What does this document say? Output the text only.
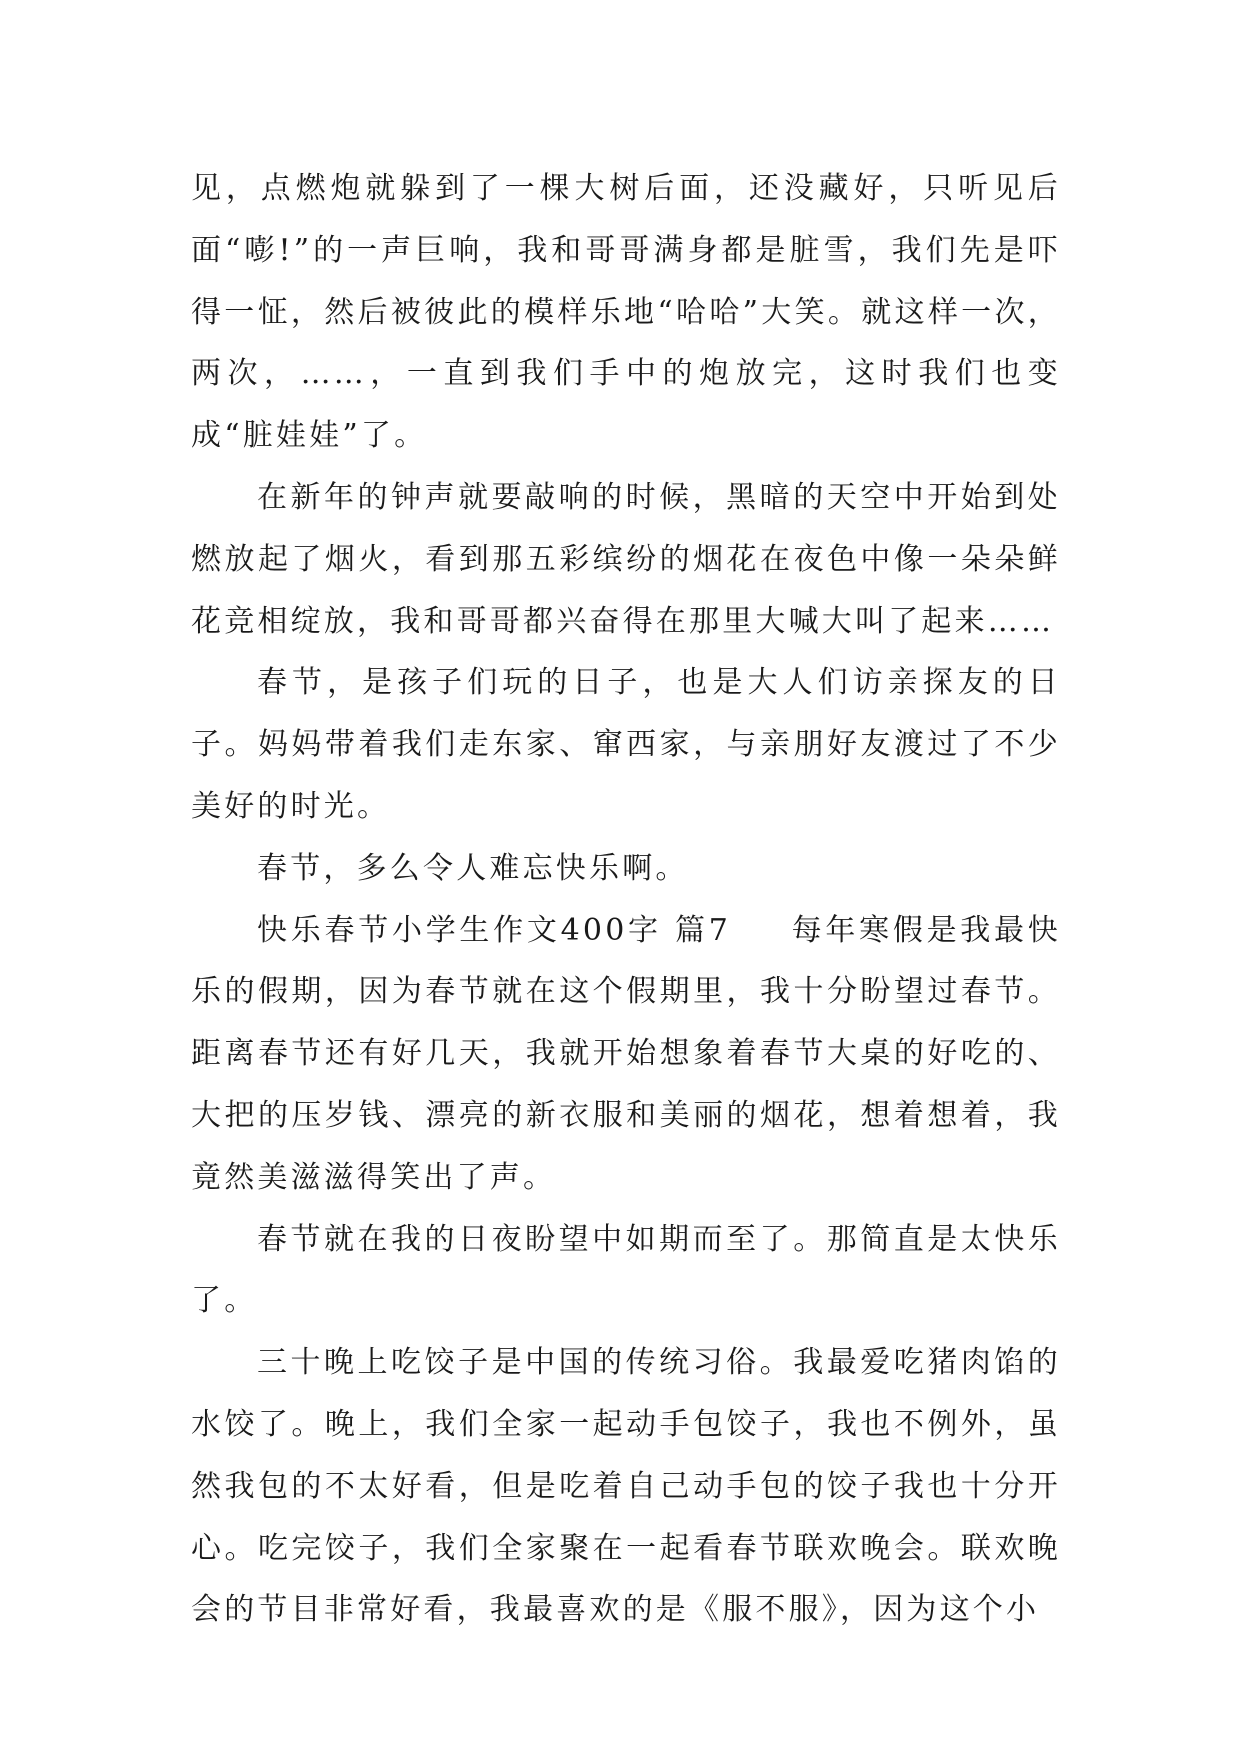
见，点燃炮就躲到了一棵大树后面，还没藏好，只听见后面“嘭!”的一声巨响，我和哥哥满身都是脏雪，我们先是吓得一怔，然后被彼此的模样乐地“哈哈”大笑。就这样一次，两次，……，一直到我们手中的炮放完，这时我们也变成“脏娃娃”了。

在新年的钟声就要敲响的时候，黑暗的天空中开始到处燃放起了烟火，看到那五彩缤纷的烟花在夜色中像一朵朵鲜花竞相绽放，我和哥哥都兴奋得在那里大喊大叫了起来……

春节，是孩子们玩的日子，也是大人们访亲探友的日子。妈妈带着我们走东家、窜西家，与亲朋好友渡过了不少美好的时光。

春节，多么令人难忘快乐啊。

快乐春节小学生作文400字 篇7 每年寒假是我最快乐的假期，因为春节就在这个假期里，我十分盼望过春节。距离春节还有好几天，我就开始想象着春节大桌的好吃的、大把的压岁钱、漂亮的新衣服和美丽的烟花，想着想着，我竟然美滋滋得笑出了声。

春节就在我的日夜盼望中如期而至了。那简直是太快乐了。

三十晚上吃饺子是中国的传统习俗。我最爱吃猪肉馅的水饺了。晚上，我们全家一起动手包饺子，我也不例外，虽然我包的不太好看，但是吃着自己动手包的饺子我也十分开心。吃完饺子，我们全家聚在一起看春节联欢晚会。联欢晚会的节目非常好看，我最喜欢的是《服不服》，因为这个小
